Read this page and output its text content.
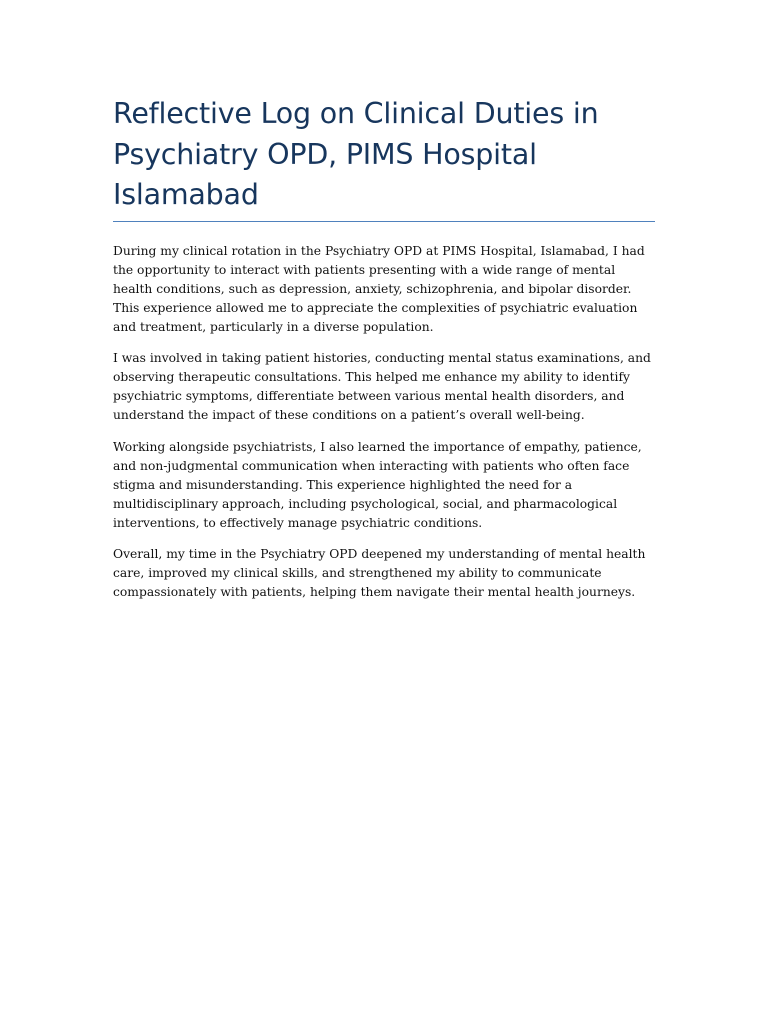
Reflective Log on Clinical Duties in Psychiatry OPD, PIMS Hospital Islamabad

During my clinical rotation in the Psychiatry OPD at PIMS Hospital, Islamabad, I had the opportunity to interact with patients presenting with a wide range of mental health conditions, such as depression, anxiety, schizophrenia, and bipolar disorder. This experience allowed me to appreciate the complexities of psychiatric evaluation and treatment, particularly in a diverse population.

I was involved in taking patient histories, conducting mental status examinations, and observing therapeutic consultations. This helped me enhance my ability to identify psychiatric symptoms, differentiate between various mental health disorders, and understand the impact of these conditions on a patient’s overall well-being.

Working alongside psychiatrists, I also learned the importance of empathy, patience, and non-judgmental communication when interacting with patients who often face stigma and misunderstanding. This experience highlighted the need for a multidisciplinary approach, including psychological, social, and pharmacological interventions, to effectively manage psychiatric conditions.

Overall, my time in the Psychiatry OPD deepened my understanding of mental health care, improved my clinical skills, and strengthened my ability to communicate compassionately with patients, helping them navigate their mental health journeys.
